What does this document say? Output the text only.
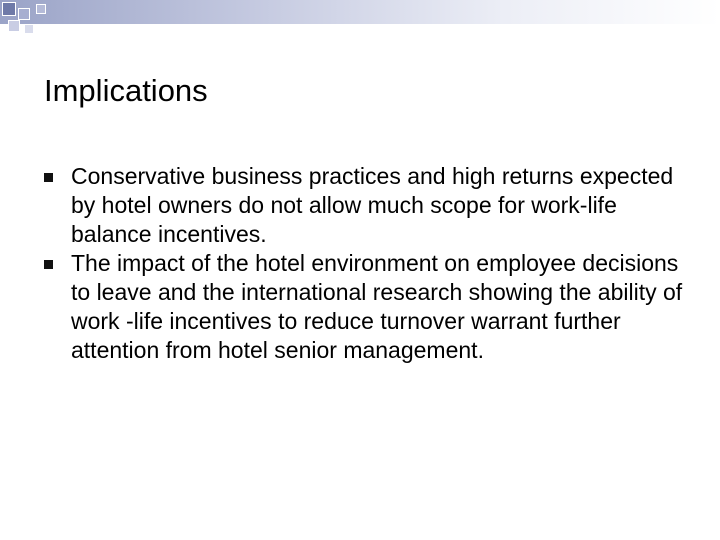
Implications
Conservative business practices and high returns expected by hotel owners do not allow much scope for work-life balance incentives.
The impact of the hotel environment on employee decisions to leave and the international research showing the ability of work -life incentives to reduce turnover warrant further attention from hotel senior management.
